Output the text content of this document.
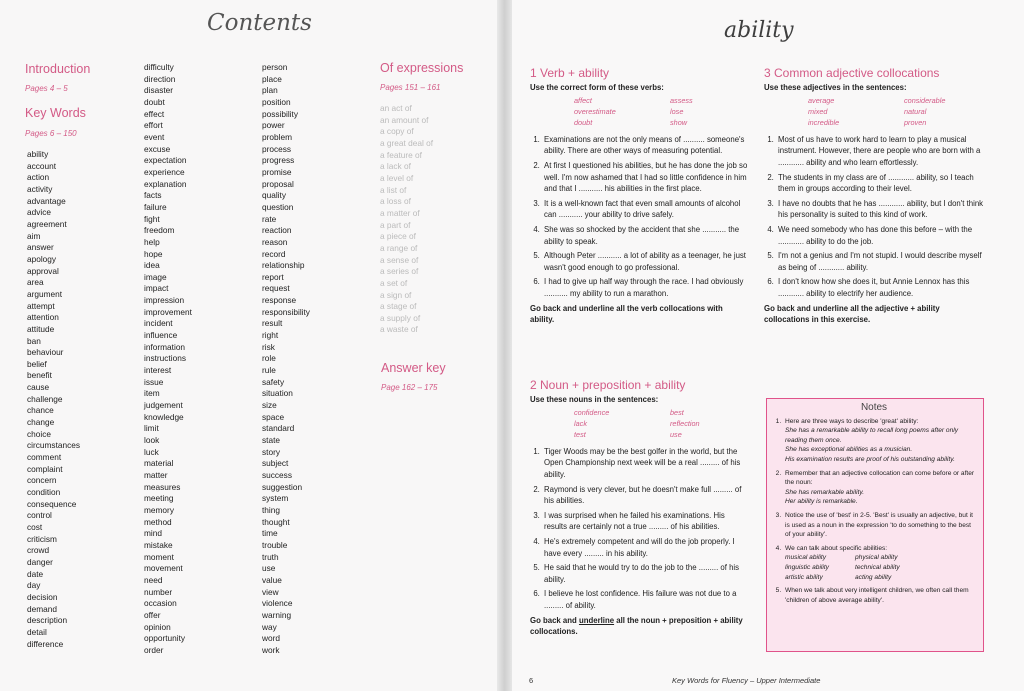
Contents
Introduction
Pages 4 – 5
Key Words
Pages 6 – 150
ability
account
action
activity
advantage
advice
agreement
aim
answer
apology
approval
area
argument
attempt
attention
attitude
ban
behaviour
belief
benefit
cause
challenge
chance
change
choice
circumstances
comment
complaint
concern
condition
consequence
control
cost
criticism
crowd
danger
date
day
decision
demand
description
detail
difference
difficulty
direction
disaster
doubt
effect
effort
event
excuse
expectation
experience
explanation
facts
failure
fight
freedom
help
hope
idea
image
impact
impression
improvement
incident
influence
information
instructions
interest
issue
item
judgement
knowledge
limit
look
luck
material
matter
measures
meeting
memory
method
mind
mistake
moment
movement
need
number
occasion
offer
opinion
opportunity
order
person
place
plan
position
possibility
power
problem
process
progress
promise
proposal
quality
question
rate
reaction
reason
record
relationship
report
request
response
responsibility
result
right
risk
role
rule
safety
situation
size
space
standard
state
story
subject
success
suggestion
system
thing
thought
time
trouble
truth
use
value
view
violence
warning
way
word
work
Of expressions
Pages 151 – 161
an act of
an amount of
a copy of
a great deal of
a feature of
a lack of
a level of
a list of
a loss of
a matter of
a part of
a piece of
a range of
a sense of
a series of
a set of
a sign of
a stage of
a supply of
a waste of
Answer key
Page 162 – 175
ability
1 Verb + ability
Use the correct form of these verbs:
affect	assess
overestimate	lose
doubt	show
1. Examinations are not the only means of .......... someone's ability. There are other ways of measuring potential.
2. At first I questioned his abilities, but he has done the job so well. I'm now ashamed that I had so little confidence in him and that I ........... his abilities in the first place.
3. It is a well-known fact that even small amounts of alcohol can ........... your ability to drive safely.
4. She was so shocked by the accident that she ........... the ability to speak.
5. Although Peter ........... a lot of ability as a teenager, he just wasn't good enough to go professional.
6. I had to give up half way through the race. I had obviously ........... my ability to run a marathon.
Go back and underline all the verb collocations with ability.
2 Noun + preposition + ability
Use these nouns in the sentences:
confidence	best
lack	reflection
test	use
1. Tiger Woods may be the best golfer in the world, but the Open Championship next week will be a real ......... of his ability.
2. Raymond is very clever, but he doesn't make full ......... of his abilities.
3. I was surprised when he failed his examinations. His results are certainly not a true ......... of his abilities.
4. He's extremely competent and will do the job properly. I have every ......... in his ability.
5. He said that he would try to do the job to the ......... of his ability.
6. I believe he lost confidence. His failure was not due to a ......... of ability.
Go back and underline all the noun + preposition + ability collocations.
3 Common adjective collocations
Use these adjectives in the sentences:
average	considerable
mixed	natural
incredible	proven
1. Most of us have to work hard to learn to play a musical instrument. However, there are people who are born with a ............ ability and who learn effortlessly.
2. The students in my class are of ............ ability, so I teach them in groups according to their level.
3. I have no doubts that he has ............ ability, but I don't think his personality is suited to this kind of work.
4. We need somebody who has done this before – with the ............ ability to do the job.
5. I'm not a genius and I'm not stupid. I would describe myself as being of ............ ability.
6. I don't know how she does it, but Annie Lennox has this ............ ability to electrify her audience.
Go back and underline all the adjective + ability collocations in this exercise.
6	Key Words for Fluency – Upper Intermediate
Notes
1. Here are three ways to describe 'great' ability:
She has a remarkable ability to recall long poems after only reading them once.
She has exceptional abilities as a musician.
His examination results are proof of his outstanding ability.
2. Remember that an adjective collocation can come before or after the noun:
She has remarkable ability.
Her ability is remarkable.
3. Notice the use of 'best' in 2-5. 'Best' is usually an adjective, but it is used as a noun in the expression 'to do something to the best of your ability'.
4. We can talk about specific abilities:
musical ability	physical ability
linguistic ability	technical ability
artistic ability	acting ability
5. When we talk about very intelligent children, we often call them 'children of above average ability'.
